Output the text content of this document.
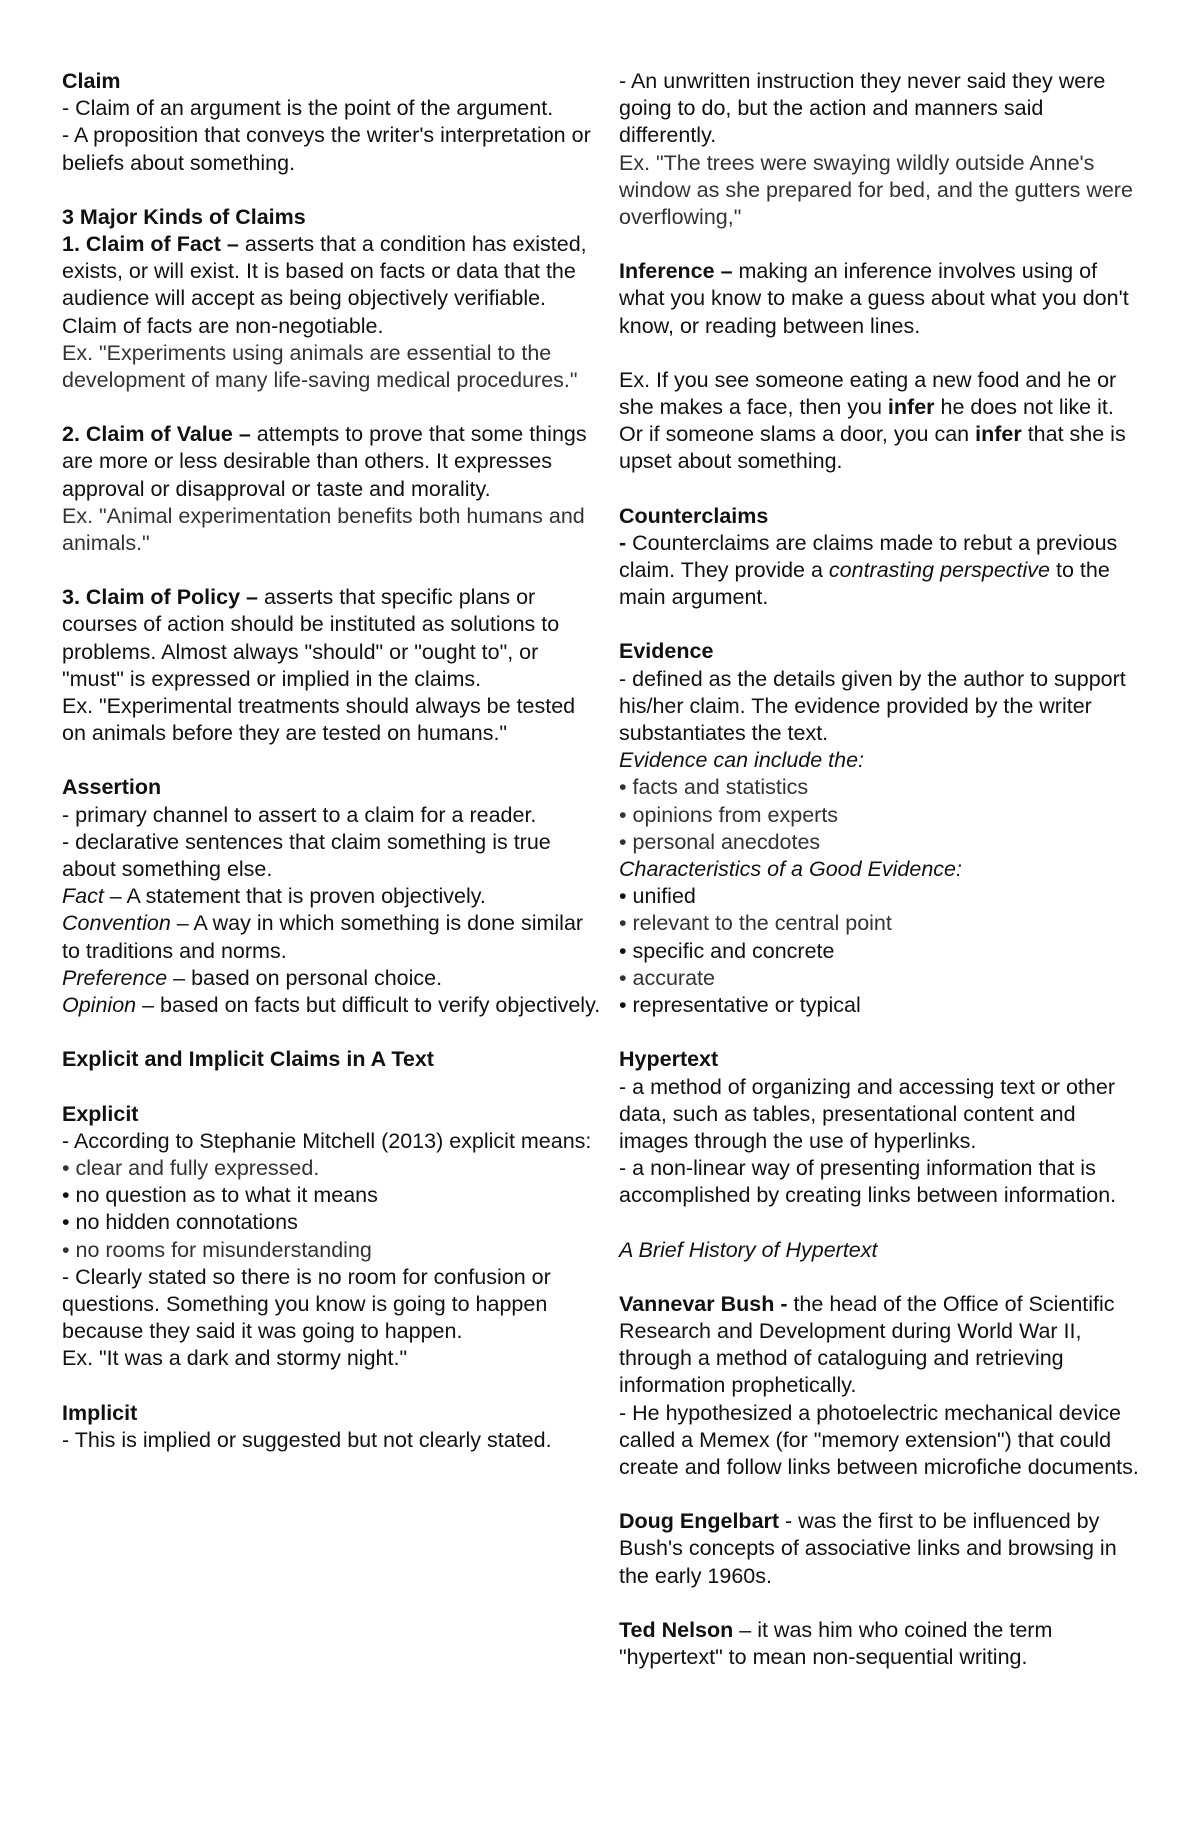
Claim

- Claim of an argument is the point of the argument.

- A proposition that conveys the writer's interpretation or beliefs about something.

3 Major Kinds of Claims

1. Claim of Fact – asserts that a condition has existed, exists, or will exist. It is based on facts or data that the audience will accept as being objectively verifiable. Claim of facts are non-negotiable.

Ex. "Experiments using animals are essential to the development of many life-saving medical procedures."

2. Claim of Value – attempts to prove that some things are more or less desirable than others. It expresses approval or disapproval or taste and morality.

Ex. "Animal experimentation benefits both humans and animals."

3. Claim of Policy – asserts that specific plans or courses of action should be instituted as solutions to problems. Almost always "should" or "ought to", or "must" is expressed or implied in the claims.

Ex. "Experimental treatments should always be tested on animals before they are tested on humans."

Assertion

- primary channel to assert to a claim for a reader.

- declarative sentences that claim something is true about something else.

Fact – A statement that is proven objectively.

Convention – A way in which something is done similar to traditions and norms.

Preference – based on personal choice.

Opinion – based on facts but difficult to verify objectively.

Explicit and Implicit Claims in A Text

Explicit

- According to Stephanie Mitchell (2013) explicit means:

• clear and fully expressed.

• no question as to what it means

• no hidden connotations

• no rooms for misunderstanding

- Clearly stated so there is no room for confusion or questions. Something you know is going to happen because they said it was going to happen.

Ex. "It was a dark and stormy night."

Implicit

- This is implied or suggested but not clearly stated.

- An unwritten instruction they never said they were going to do, but the action and manners said differently.

Ex. "The trees were swaying wildly outside Anne's window as she prepared for bed, and the gutters were overflowing,"

Inference – making an inference involves using of what you know to make a guess about what you don't know, or reading between lines.

Ex. If you see someone eating a new food and he or she makes a face, then you infer he does not like it. Or if someone slams a door, you can infer that she is upset about something.

Counterclaims

- Counterclaims are claims made to rebut a previous claim. They provide a contrasting perspective to the main argument.

Evidence

- defined as the details given by the author to support his/her claim. The evidence provided by the writer substantiates the text.

Evidence can include the:

• facts and statistics

• opinions from experts

• personal anecdotes

Characteristics of a Good Evidence:

• unified

• relevant to the central point

• specific and concrete

• accurate

• representative or typical

Hypertext

- a method of organizing and accessing text or other data, such as tables, presentational content and images through the use of hyperlinks.

- a non-linear way of presenting information that is accomplished by creating links between information.

A Brief History of Hypertext

Vannevar Bush - the head of the Office of Scientific Research and Development during World War II, through a method of cataloguing and retrieving information prophetically.

- He hypothesized a photoelectric mechanical device called a Memex (for "memory extension") that could create and follow links between microfiche documents.

Doug Engelbart - was the first to be influenced by Bush's concepts of associative links and browsing in the early 1960s.

Ted Nelson – it was him who coined the term "hypertext" to mean non-sequential writing.
